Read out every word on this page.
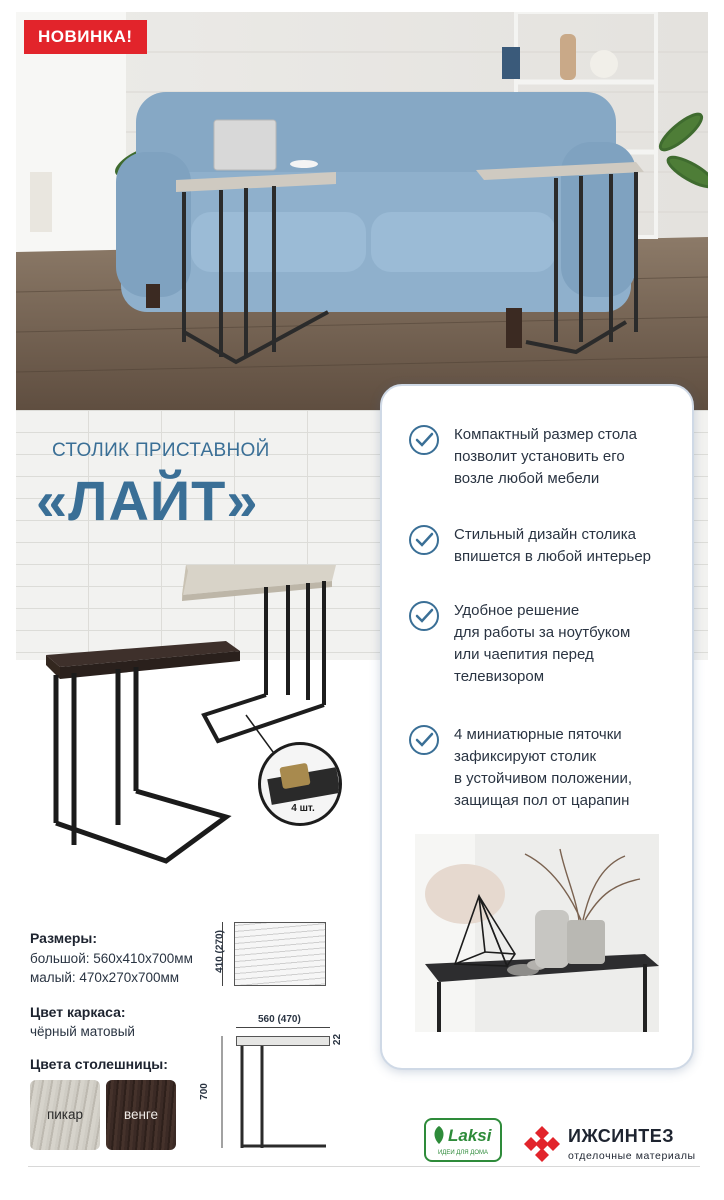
НОВИНКА!
СТОЛИК ПРИСТАВНОЙ
«ЛАЙТ»
4 шт.
Компактный размер стола
позволит установить его
возле любой мебели
Стильный дизайн столика
впишется в любой интерьер
Удобное решение
для работы за ноутбуком
или чаепития перед
телевизором
4 миниатюрные пяточки
зафиксируют столик
в устойчивом положении,
защищая пол от царапин
Размеры:
большой: 560x410x700мм
малый: 470x270x700мм
Цвет каркаса:
чёрный матовый
Цвета столешницы:
пикар	венге
410 (270)
560 (470)
22
700
Laksi
ИДЕИ ДЛЯ ДОМА
ИЖСИНТЕЗ
отделочные материалы
